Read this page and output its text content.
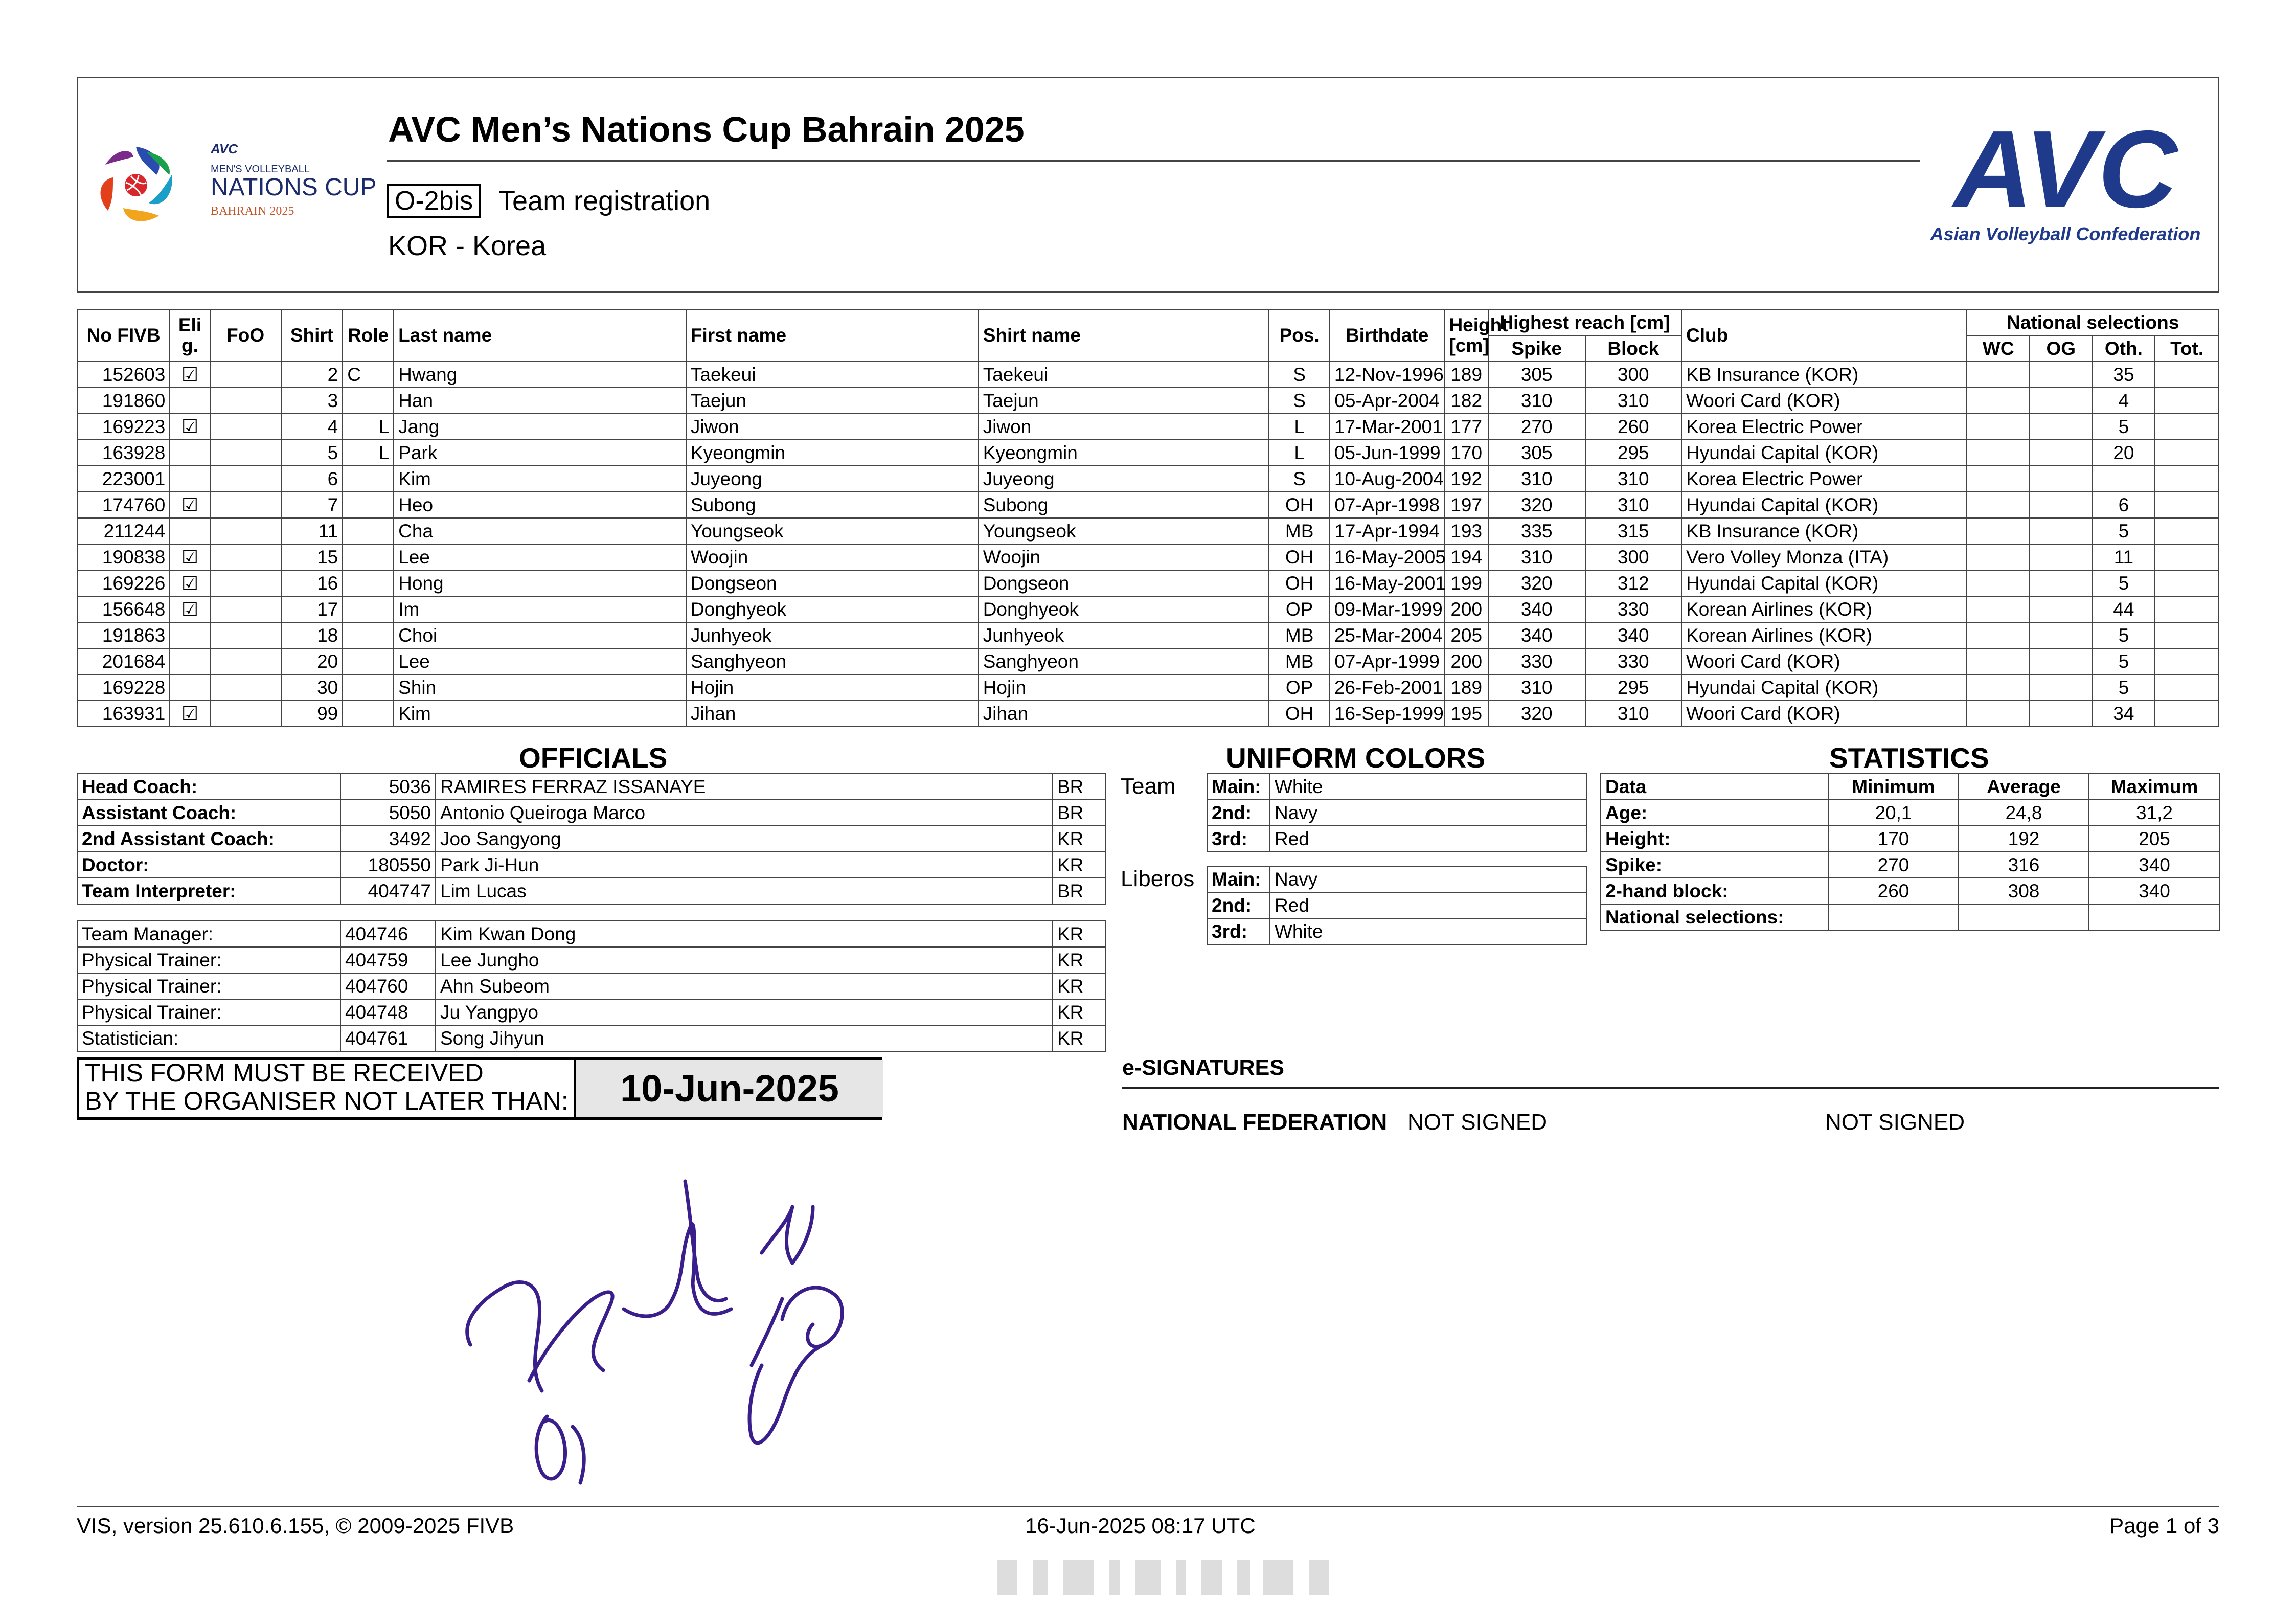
AVC
MEN'S VOLLEYBALL
NATIONS CUP
BAHRAIN 2025
AVC Men’s Nations Cup Bahrain 2025
O-2bis Team registration
KOR - Korea
AVC
Asian Volleyball Confederation
No FIVB	Eli g.	FoO	Shirt	Role	Last name	First name	Shirt name	Pos.	Birthdate	Height [cm]	Highest reach [cm]		Club	National selections			
											Spike	Block		WC	OG	Oth.	Tot.
152603	☑		2	C	Hwang	Taekeui	Taekeui	S	12-Nov-1996	189	305	300	KB Insurance (KOR)			35	
191860			3		Han	Taejun	Taejun	S	05-Apr-2004	182	310	310	Woori Card (KOR)			4	
169223	☑		4	L	Jang	Jiwon	Jiwon	L	17-Mar-2001	177	270	260	Korea Electric Power			5	
163928			5	L	Park	Kyeongmin	Kyeongmin	L	05-Jun-1999	170	305	295	Hyundai Capital (KOR)			20	
223001			6		Kim	Juyeong	Juyeong	S	10-Aug-2004	192	310	310	Korea Electric Power				
174760	☑		7		Heo	Subong	Subong	OH	07-Apr-1998	197	320	310	Hyundai Capital (KOR)			6	
211244			11		Cha	Youngseok	Youngseok	MB	17-Apr-1994	193	335	315	KB Insurance (KOR)			5	
190838	☑		15		Lee	Woojin	Woojin	OH	16-May-2005	194	310	300	Vero Volley Monza (ITA)			11	
169226	☑		16		Hong	Dongseon	Dongseon	OH	16-May-2001	199	320	312	Hyundai Capital (KOR)			5	
156648	☑		17		Im	Donghyeok	Donghyeok	OP	09-Mar-1999	200	340	330	Korean Airlines (KOR)			44	
191863			18		Choi	Junhyeok	Junhyeok	MB	25-Mar-2004	205	340	340	Korean Airlines (KOR)			5	
201684			20		Lee	Sanghyeon	Sanghyeon	MB	07-Apr-1999	200	330	330	Woori Card (KOR)			5	
169228			30		Shin	Hojin	Hojin	OP	26-Feb-2001	189	310	295	Hyundai Capital (KOR)			5	
163931	☑		99		Kim	Jihan	Jihan	OH	16-Sep-1999	195	320	310	Woori Card (KOR)			34	
OFFICIALS
Head Coach:	5036	RAMIRES FERRAZ ISSANAYE	BR
Assistant Coach:	5050	Antonio Queiroga Marco	BR
2nd Assistant Coach:	3492	Joo Sangyong	KR
Doctor:	180550	Park Ji-Hun	KR
Team Interpreter:	404747	Lim Lucas	BR
Team Manager:	404746	Kim Kwan Dong	KR
Physical Trainer:	404759	Lee Jungho	KR
Physical Trainer:	404760	Ahn Subeom	KR
Physical Trainer:	404748	Ju Yangpyo	KR
Statistician:	404761	Song Jihyun	KR
UNIFORM COLORS
Team Main:	White
2nd:	Navy
3rd:	Red
Liberos Main:	Navy
2nd:	Red
3rd:	White
STATISTICS
Data	Minimum	Average	Maximum
Age:	20,1	24,8	31,2
Height:	170	192	205
Spike:	270	316	340
2-hand block:	260	308	340
National selections:			
THIS FORM MUST BE RECEIVED
BY THE ORGANISER NOT LATER THAN:	10-Jun-2025	e-SIGNATURES
NATIONAL FEDERATION NOT SIGNED	NOT SIGNED
VIS, version 25.610.6.155, © 2009-2025 FIVB	16-Jun-2025 08:17 UTC	Page 1 of 3
